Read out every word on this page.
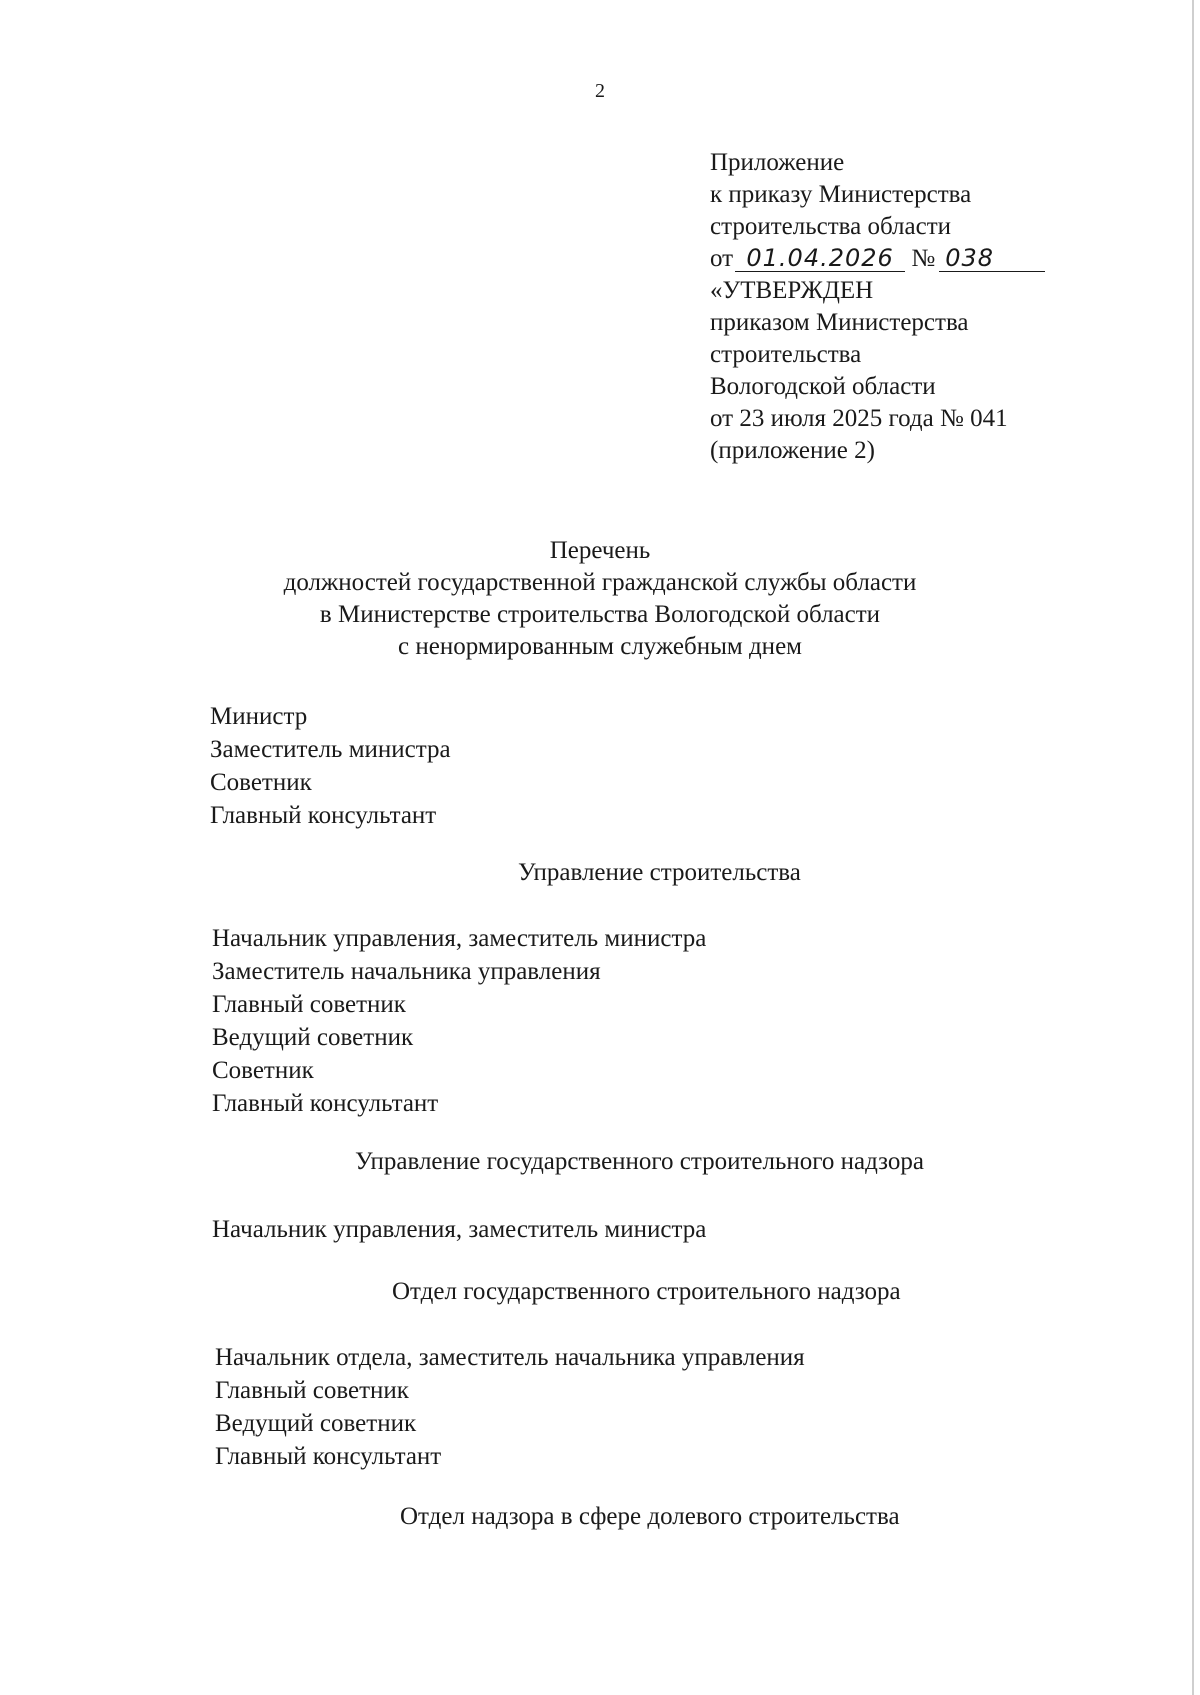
2
Приложение
к приказу Министерства
строительства области
от 01.04.2026 № 038
«УТВЕРЖДЕН
приказом Министерства
строительства
Вологодской области
от 23 июля 2025 года № 041
(приложение 2)
Перечень
должностей государственной гражданской службы области
в Министерстве строительства Вологодской области
с ненормированным служебным днем
Министр
Заместитель министра
Советник
Главный консультант
Управление строительства
Начальник управления, заместитель министра
Заместитель начальника управления
Главный советник
Ведущий советник
Советник
Главный консультант
Управление государственного строительного надзора
Начальник управления, заместитель министра
Отдел государственного строительного надзора
Начальник отдела, заместитель начальника управления
Главный советник
Ведущий советник
Главный консультант
Отдел надзора в сфере долевого строительства
